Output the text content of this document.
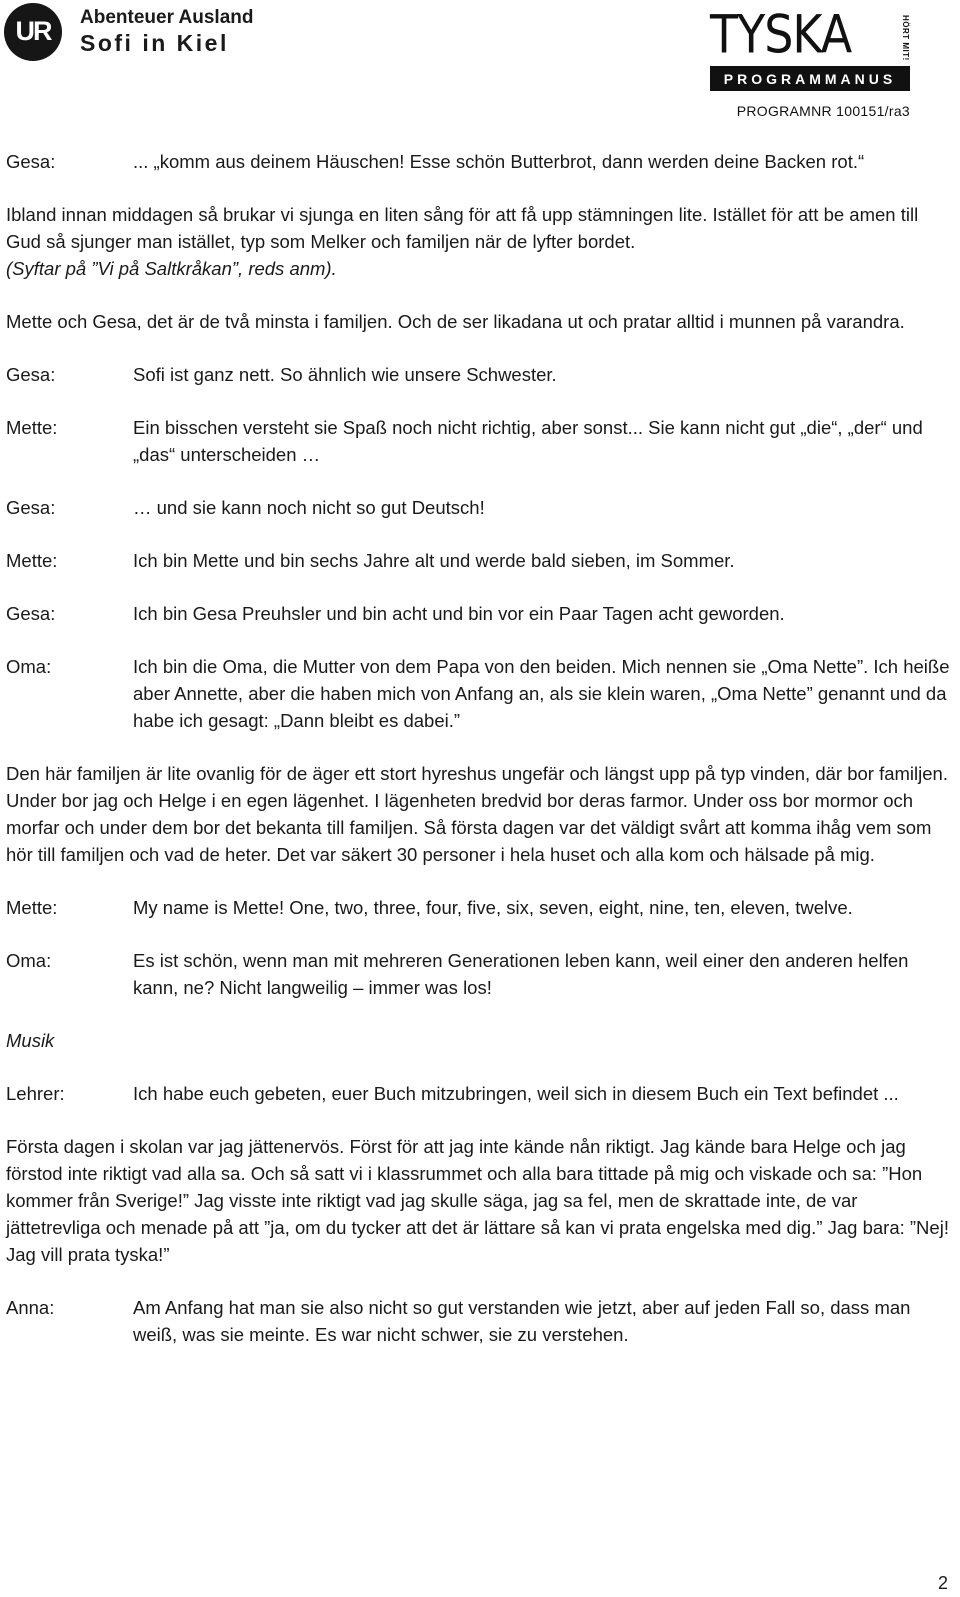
UR Abenteuer Ausland
Sofi in Kiel	TYSKA	HÖRT MIT!
PROGRAMMANUS
PROGRAMNR 100151/ra3
Gesa:	... „komm aus deinem Häuschen! Esse schön Butterbrot, dann werden deine Backen rot.“
Ibland innan middagen så brukar vi sjunga en liten sång för att få upp stämningen lite. Istället för att be amen till Gud så sjunger man istället, typ som Melker och familjen när de lyfter bordet.
(Syftar på ”Vi på Saltkråkan”, reds anm).
Mette och Gesa, det är de två minsta i familjen. Och de ser likadana ut och pratar alltid i munnen på varandra.
Gesa:	Sofi ist ganz nett. So ähnlich wie unsere Schwester.
Mette:	Ein bisschen versteht sie Spaß noch nicht richtig, aber sonst... Sie kann nicht gut „die“, „der“ und „das“ unterscheiden …
Gesa:	… und sie kann noch nicht so gut Deutsch!
Mette:	Ich bin Mette und bin sechs Jahre alt und werde bald sieben, im Sommer.
Gesa:	Ich bin Gesa Preuhsler und bin acht und bin vor ein Paar Tagen acht geworden.
Oma:	Ich bin die Oma, die Mutter von dem Papa von den beiden. Mich nennen sie „Oma Nette”. Ich heiße aber Annette, aber die haben mich von Anfang an, als sie klein waren, „Oma Nette” genannt und da habe ich gesagt: „Dann bleibt es dabei.”
Den här familjen är lite ovanlig för de äger ett stort hyreshus ungefär och längst upp på typ vinden, där bor familjen. Under bor jag och Helge i en egen lägenhet. I lägenheten bredvid bor deras farmor. Under oss bor mormor och morfar och under dem bor det bekanta till familjen. Så första dagen var det väldigt svårt att komma ihåg vem som hör till familjen och vad de heter. Det var säkert 30 personer i hela huset och alla kom och hälsade på mig.
Mette:	My name is Mette! One, two, three, four, five, six, seven, eight, nine, ten, eleven, twelve.
Oma:	Es ist schön, wenn man mit mehreren Generationen leben kann, weil einer den anderen helfen kann, ne? Nicht langweilig – immer was los!
Musik
Lehrer:	Ich habe euch gebeten, euer Buch mitzubringen, weil sich in diesem Buch ein Text befindet ...
Första dagen i skolan var jag jättenervös. Först för att jag inte kände nån riktigt. Jag kände bara Helge och jag förstod inte riktigt vad alla sa. Och så satt vi i klassrummet och alla bara tittade på mig och viskade och sa: ”Hon kommer från Sverige!” Jag visste inte riktigt vad jag skulle säga, jag sa fel, men de skrattade inte, de var jättetrevliga och menade på att ”ja, om du tycker att det är lättare så kan vi prata engelska med dig.” Jag bara: ”Nej! Jag vill prata tyska!”
Anna:	Am Anfang hat man sie also nicht so gut verstanden wie jetzt, aber auf jeden Fall so, dass man weiß, was sie meinte. Es war nicht schwer, sie zu verstehen.
2
